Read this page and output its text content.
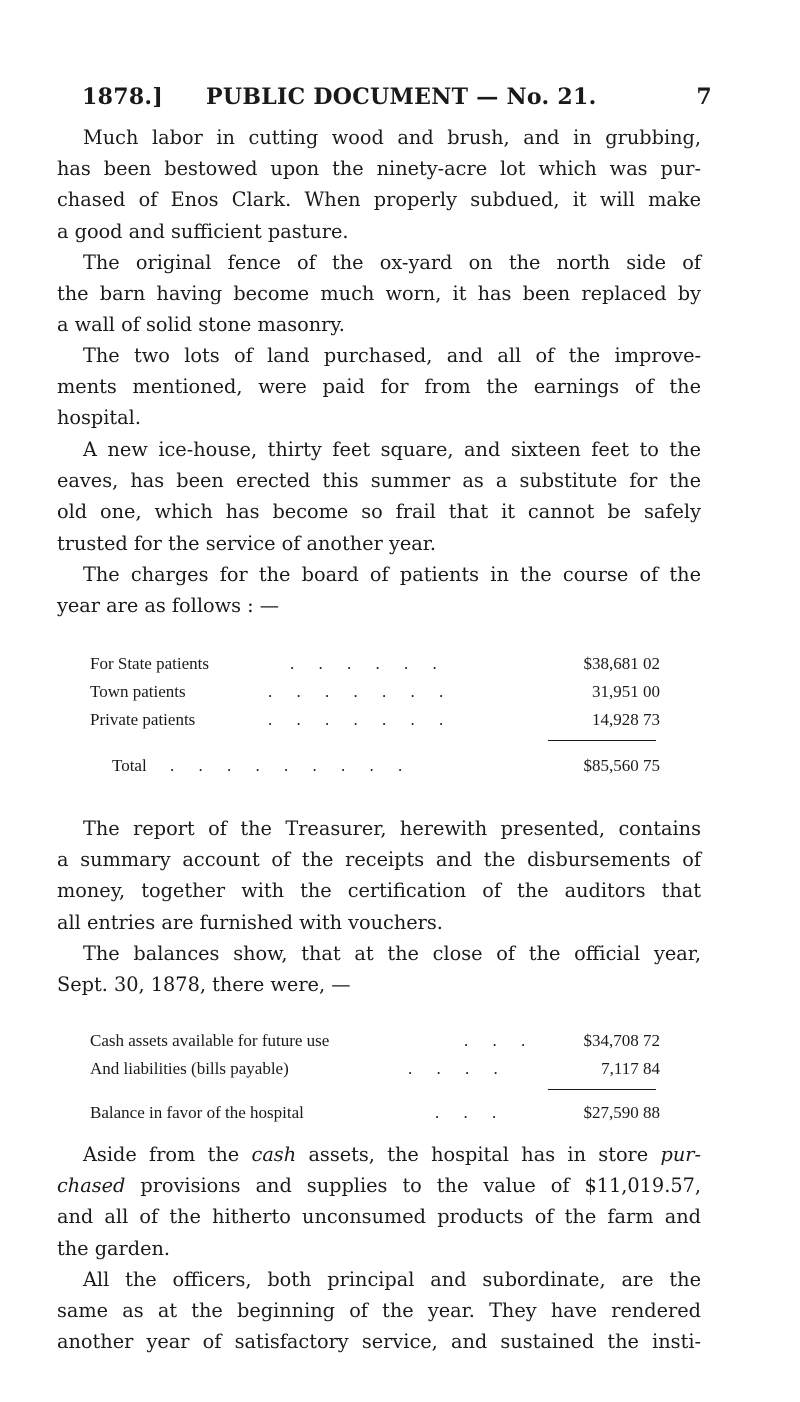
1878.] PUBLIC DOCUMENT — No. 21.	7
Much labor in cutting wood and brush, and in grubbing,
has been bestowed upon the ninety-acre lot which was pur-
chased of Enos Clark. When properly subdued, it will make
a good and sufficient pasture.
The original fence of the ox-yard on the north side of
the barn having become much worn, it has been replaced by
a wall of solid stone masonry.
The two lots of land purchased, and all of the improve-
ments mentioned, were paid for from the earnings of the
hospital.
A new ice-house, thirty feet square, and sixteen feet to the
eaves, has been erected this summer as a substitute for the
old one, which has become so frail that it cannot be safely
trusted for the service of another year.
The charges for the board of patients in the course of the
year are as follows : —
For State patients	. . . . . .	$38,681 02
Town patients	. . . . . . .	31,951 00
Private patients	. . . . . . .	14,928 73
Total . . . . . . . . .	$85,560 75
The report of the Treasurer, herewith presented, contains
a summary account of the receipts and the disbursements of
money, together with the certification of the auditors that
all entries are furnished with vouchers.
The balances show, that at the close of the official year,
Sept. 30, 1878, there were, —
Cash assets available for future use	. . .	$34,708 72
And liabilities (bills payable)	. . . .	7,117 84
Balance in favor of the hospital	. . .	$27,590 88
Aside from the cash assets, the hospital has in store pur-
chased provisions and supplies to the value of $11,019.57,
and all of the hitherto unconsumed products of the farm and
the garden.
All the officers, both principal and subordinate, are the
same as at the beginning of the year. They have rendered
another year of satisfactory service, and sustained the insti-
